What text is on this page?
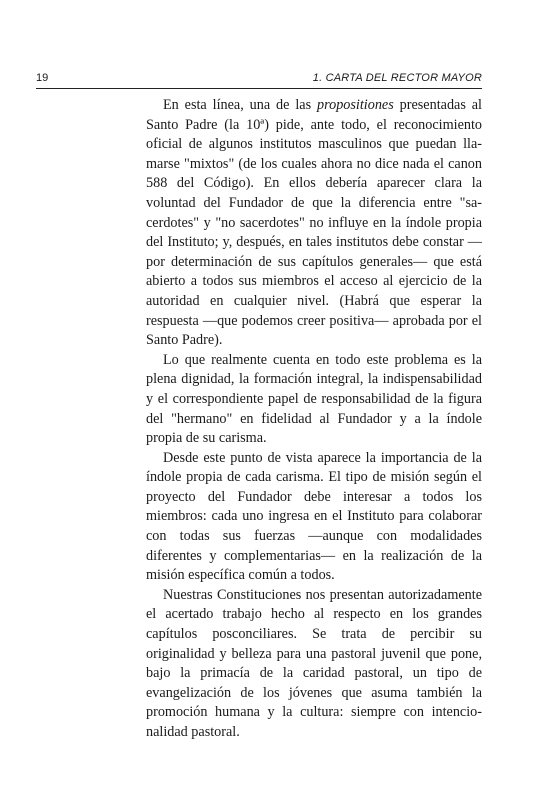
19	1. CARTA DEL RECTOR MAYOR

En esta línea, una de las propositiones presentadas al Santo Padre (la 10ª) pide, ante todo, el reconocimiento oficial de algunos institutos masculinos que puedan llamarse "mixtos" (de los cuales ahora no dice nada el canon 588 del Código). En ellos debería aparecer clara la voluntad del Fundador de que la diferencia entre "sacerdotes" y "no sacerdotes" no influye en la índole propia del Instituto; y, después, en tales institutos debe constar —por determinación de sus capítulos generales— que está abierto a todos sus miembros el acceso al ejercicio de la autoridad en cualquier nivel. (Habrá que esperar la respuesta —que podemos creer positiva— aprobada por el Santo Padre).

Lo que realmente cuenta en todo este problema es la plena dignidad, la formación integral, la indispensabilidad y el correspondiente papel de responsabilidad de la figura del "hermano" en fidelidad al Fundador y a la índole propia de su carisma.

Desde este punto de vista aparece la importancia de la índole propia de cada carisma. El tipo de misión según el proyecto del Fundador debe interesar a todos los miembros: cada uno ingresa en el Instituto para colaborar con todas sus fuerzas —aunque con modalidades diferentes y complementarias— en la realización de la misión específica común a todos.

Nuestras Constituciones nos presentan autorizadamente el acertado trabajo hecho al respecto en los grandes capítulos posconciliares. Se trata de percibir su originalidad y belleza para una pastoral juvenil que pone, bajo la primacía de la caridad pastoral, un tipo de evangelización de los jóvenes que asuma también la promoción humana y la cultura: siempre con intencionalidad pastoral.
